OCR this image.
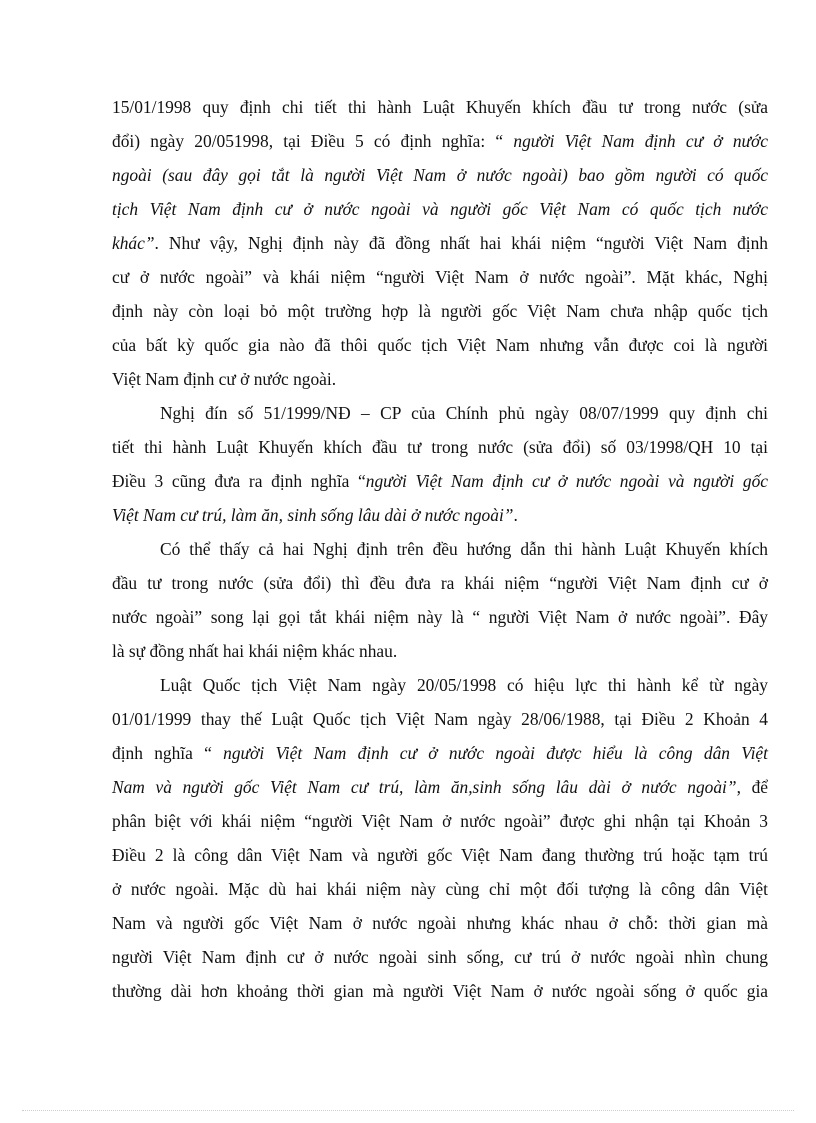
15/01/1998 quy định chi tiết thi hành Luật Khuyến khích đầu tư trong nước (sửa
đổi) ngày 20/051998, tại Điều 5 có định nghĩa: “ người Việt Nam định cư ở nước
ngoài (sau đây gọi tắt là người Việt Nam ở nước ngoài) bao gồm người có quốc
tịch Việt Nam định cư ở nước ngoài và người gốc Việt Nam có quốc tịch nước
khác”. Như vậy, Nghị định này đã đồng nhất hai khái niệm “người Việt Nam định
cư ở nước ngoài” và khái niệm “người Việt Nam ở nước ngoài”. Mặt khác, Nghị
định này còn loại bỏ một trường hợp là người gốc Việt Nam chưa nhập quốc tịch
của bất kỳ quốc gia nào đã thôi quốc tịch Việt Nam nhưng vẫn được coi là người
Việt Nam định cư ở nước ngoài.
Nghị đín số 51/1999/NĐ – CP của Chính phủ ngày 08/07/1999 quy định chi
tiết thi hành Luật Khuyến khích đầu tư trong nước (sửa đổi) số 03/1998/QH 10 tại
Điều 3 cũng đưa ra định nghĩa “người Việt Nam định cư ở nước ngoài và người gốc
Việt Nam cư trú, làm ăn, sinh sống lâu dài ở nước ngoài”.
Có thể thấy cả hai Nghị định trên đều hướng dẫn thi hành Luật Khuyến khích
đầu tư trong nước (sửa đổi) thì đều đưa ra khái niệm “người Việt Nam định cư ở
nước ngoài” song lại gọi tắt khái niệm này là “ người Việt Nam ở nước ngoài”. Đây
là sự đồng nhất hai khái niệm khác nhau.
Luật Quốc tịch Việt Nam ngày 20/05/1998 có hiệu lực thi hành kể từ ngày
01/01/1999 thay thế Luật Quốc tịch Việt Nam ngày 28/06/1988, tại Điều 2 Khoản 4
định nghĩa “ người Việt Nam định cư ở nước ngoài được hiểu là công dân Việt
Nam và người gốc Việt Nam cư trú, làm ăn,sinh sống lâu dài ở nước ngoài”, để
phân biệt với khái niệm “người Việt Nam ở nước ngoài” được ghi nhận tại Khoản 3
Điều 2 là công dân Việt Nam và người gốc Việt Nam đang thường trú hoặc tạm trú
ở nước ngoài. Mặc dù hai khái niệm này cùng chỉ một đối tượng là công dân Việt
Nam và người gốc Việt Nam ở nước ngoài nhưng khác nhau ở chỗ: thời gian mà
người Việt Nam định cư ở nước ngoài sinh sống, cư trú ở nước ngoài nhìn chung
thường dài hơn khoảng thời gian mà người Việt Nam ở nước ngoài sống ở quốc gia
